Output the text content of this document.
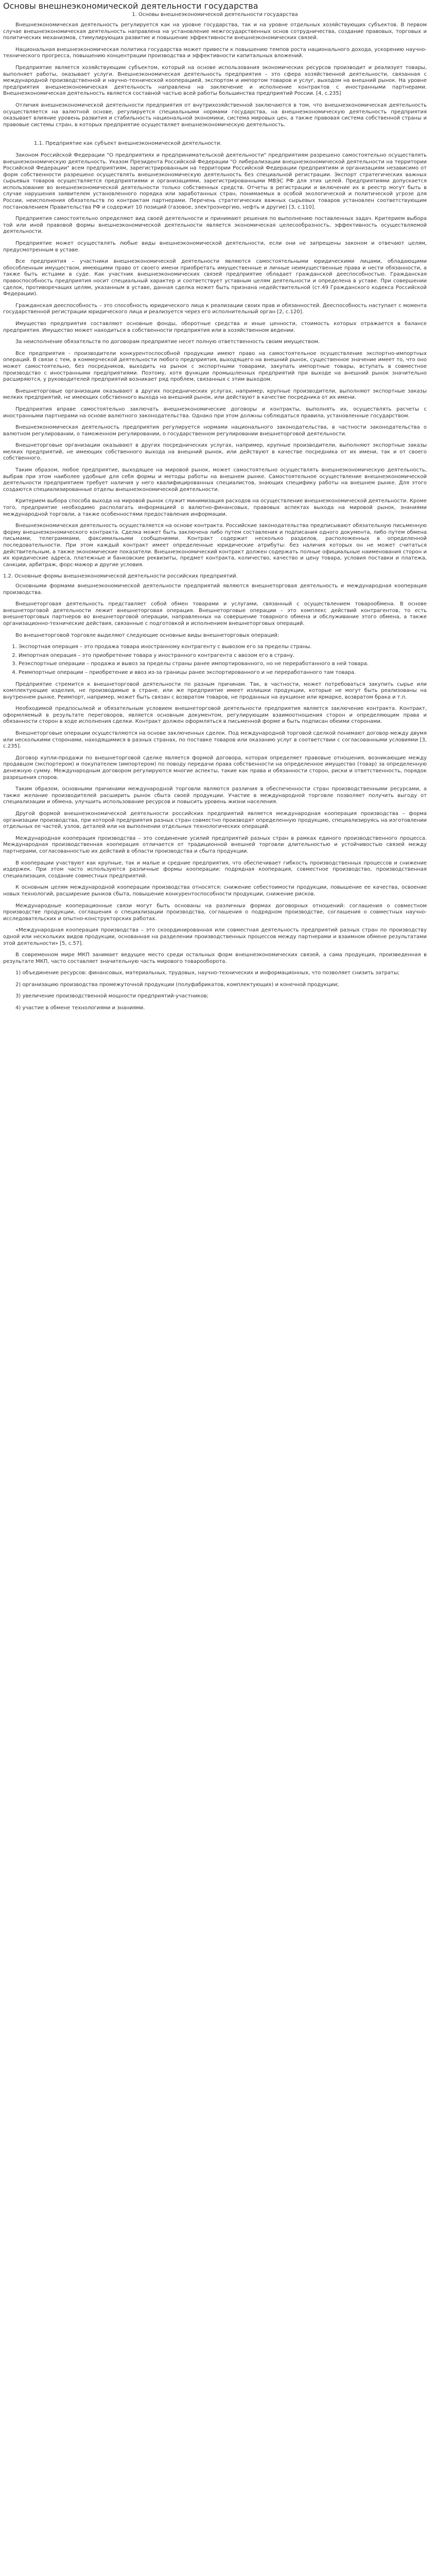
Основы внешнеэкономической деятельности государства
1. Основы внешнеэкономической деятельности государства

Внешнеэкономическая деятельность регулируется как на уровне государства, так и на уровне отдельных хозяйствующих субъектов. В первом случае внешнеэкономическая деятельность направлена на установление межгосударственных основ сотрудничества, создание правовых, торговых и политических механизмов, стимулирующих развитие и повышение эффективности внешнеэкономических связей.

Национальная внешнеэкономическая политика государства может привести к повышению темпов роста национального дохода, ускорению научно-технического прогресса, повышению концентрации производства и эффективности капитальных вложений.

Предприятие является хозяйствующим субъектом, который на основе использования экономических ресурсов производит и реализует товары, выполняет работы, оказывает услуги. Внешнеэкономическая деятельность предприятия – это сфера хозяйственной деятельности, связанная с международной производственной и научно-технической кооперацией, экспортом и импортом товаров и услуг, выходом на внешний рынок. На уровне предприятия внешнеэкономическая деятельность направлена на заключение и исполнение контрактов с иностранными партнерами. Внешнеэкономическая деятельность является составной частью всей работы большинства предприятий России. [4, с.235]

Отличия внешнеэкономической деятельности предприятия от внутрихозяйственной заключаются в том, что внешнеэкономическая деятельность осуществляется на валютной основе, регулируется специальными нормами государства, на внешнеэкономическую деятельность предприятия оказывает влияние уровень развития и стабильность национальной экономики, система мировых цен, а также правовая система собственной страны и правовые системы стран, в которых предприятие осуществляет внешнеэкономическую деятельность.

1.1. Предприятие как субъект внешнеэкономической деятельности.

Законом Российской Федерации "О предприятиях и предпринимательской деятельности" предприятиям разрешено самостоятельно осуществлять внешнеэкономическую деятельность. Указом Президента Российской Федерации "О либерализации внешнеэкономической деятельности на территории Российской Федерации" всем предприятиям, зарегистрированным на территории Российской Федерации предприятиям и организациям независимо от форм собственности разрешено осуществлять внешнеэкономическую деятельность без специальной регистрации. Экспорт стратегических важных сырьевых товаров осуществляется предприятиями и организациями, зарегистрированными МВЭС РФ для этих целей. Предприятиями допускается использование во внешнеэкономической деятельности только собственных средств. Отчеты в регистрации и включение их в реестр могут быть в случае нарушения заявителем установленного порядка или заработанных стран, понимаемых в особой экологической и политической угрозе для России, неисполнения обязательств по контрактам партнерами. Перечень стратегических важных сырьевых товаров установлен соответствующим постановлением Правительства РФ и содержит 10 позиций (газовое, электроэнергию, нефть и другие) [3, с.110].

Предприятия самостоятельно определяют вид своей деятельности и принимают решения по выполнению поставленных задач. Критерием выбора той или иной правовой формы внешнеэкономической деятельности является экономическая целесообразность, эффективность осуществляемой деятельности.

Предприятие может осуществлять любые виды внешнеэкономической деятельности, если они не запрещены законом и отвечают целям, предусмотренным в уставе.

Все предприятия – участники внешнеэкономической деятельности являются самостоятельными юридическими лицами, обладающими обособленным имуществом, имеющими право от своего имени приобретать имущественные и личные неимущественные права и нести обязанности, а также быть истцами в суде. Как участник внешнеэкономических связей предприятие обладает гражданской дееспособностью. Гражданская правоспособность предприятия носит специальный характер и соответствует уставным целям деятельности и определена в уставе. При совершении сделок, противоречащих целям, указанным в уставе, данная сделка может быть признана недействительной (ст.49 Гражданского кодекса Российской Федерации).

Гражданская дееспособность – это способность юридического лица к реализации своих прав и обязанностей. Дееспособность наступает с момента государственной регистрации юридического лица и реализуется через его исполнительный орган [2, с.120].

Имущество предприятия составляют основные фонды, оборотные средства и иные ценности, стоимость которых отражается в балансе предприятия. Имущество может находиться в собственности предприятия или в хозяйственном ведении.

За неисполнение обязательств по договорам предприятие несет полную ответственность своим имуществом.

Все предприятия - производители конкурентоспособной продукции имеют право на самостоятельное осуществление экспортно-импортных операций. В связи с тем, в коммерческой деятельности любого предприятия, выходящего на внешний рынок, существенное значение имеет то, что оно может самостоятельно, без посредников, выходить на рынок с экспортными товарами, закупать импортные товары, вступать в совместное производство с иностранными предприятиями. Поэтому, хотя функции промышленных предприятий при выходе на внешний рынок значительно расширяются, у руководителей предприятий возникает ряд проблем, связанных с этим выходом.

Внешнеторговые организации оказывают в других посреднических услугах, например, крупные производители, выполняют экспортные заказы мелких предприятий, не имеющих собственного выхода на внешний рынок, или действуют в качестве посредника от их имени.

Предприятия вправе самостоятельно заключать внешнеэкономические договоры и контракты, выполнять их, осуществлять расчеты с иностранными партнерами на основе валютного законодательства. Однако при этом должны соблюдаться правила, установленные государством.

Внешнеэкономическая деятельность предприятия регулируется нормами национального законодательства, в частности законодательства о валютном регулировании, о таможенном регулировании, о государственном регулировании внешнеторговой деятельности.

Внешнеторговые организации оказывают в других посреднических услугах, например, крупные производители, выполняют экспортные заказы мелких предприятий, не имеющих собственного выхода на внешний рынок, или действуют в качестве посредника от их имени, так и от своего собственного.

Таким образом, любое предприятие, выходящее на мировой рынок, может самостоятельно осуществлять внешнеэкономическую деятельность, выбрав при этом наиболее удобные для себя формы и методы работы на внешнем рынке. Самостоятельное осуществление внешнеэкономической деятельности предприятием требует наличия у него квалифицированных специалистов, знающих специфику работы на внешнем рынке. Для этого создаются специализированные отделы внешнеэкономической деятельности.

Критерием выбора способа выхода на мировой рынок служит минимизация расходов на осуществление внешнеэкономической деятельности. Кроме того, предприятие необходимо располагать информацией о валютно-финансовых, правовых аспектах выхода на мировой рынок, знаниями международной торговли, а также особенностями предоставления информации.

Внешнеэкономическая деятельность осуществляется на основе контракта. Российские законодательства предписывают обязательную письменную форму внешнеэкономического контракта. Сделка может быть заключена либо путем составления и подписания одного документа, либо путем обмена письмами, телеграммами, факсимильными сообщениями. Контракт содержит несколько разделов, расположенных в определенной последовательности. При этом каждый контракт имеет определенные юридические атрибуты: без наличия которых он не может считаться действительным, а также экономические показатели. Внешнеэкономический контракт должен содержать полные официальные наименования сторон и их юридические адреса, платежные и банковские реквизиты, предмет контракта, количество, качество и цену товара, условия поставки и платежа, санкции, арбитраж, форс-мажор и другие условия.

1.2. Основные формы внешнеэкономической деятельности российских предприятий.

Основными формами внешнеэкономической деятельности предприятий являются внешнеторговая деятельность и международная кооперация производства.

Внешнеторговая деятельность представляет собой обмен товарами и услугами, связанный с осуществлением товарообмена. В основе внешнеторговой деятельности лежит внешнеторговая операция. Внешнеторговые операции – это комплекс действий контрагентов, то есть внешнеторговых партнеров во внешнеторговой операции, направленных на совершение товарного обмена и обслуживание этого обмена, а также организационно-технические действия, связанные с подготовкой и исполнением внешнеторговых операций.

Во внешнеторговой торговле выделяют следующие основные виды внешнеторговых операций:

1. Экспортная операция – это продажа товара иностранному контрагенту с вывозом его за пределы страны.
2. Импортная операция – это приобретение товара у иностранного контрагента с ввозом его в страну.
3. Реэкспортные операции – продажа и вывоз за пределы страны ранее импортированного, но не переработанного в ней товара.
4. Реимпортные операции – приобретение и ввоз из-за границы ранее экспортированного и не переработанного там товара.

Предприятие стремится к внешнеторговой деятельности по разным причинам. Так, в частности, может потребоваться закупить сырье или комплектующие изделия, не производимые в стране, или же предприятие имеет излишки продукции, которые не могут быть реализованы на внутреннем рынке. Реимпорт, например, может быть связан с возвратом товаров, не проданных на аукционе или ярмарке, возвратом брака и т.п.

Необходимой предпосылкой и обязательным условием внешнеторговой деятельности предприятия является заключение контракта. Контракт, оформляемый в результате переговоров, является основным документом, регулирующим взаимоотношения сторон и определяющим права и обязанности сторон в ходе исполнения сделки. Контракт должен оформляться в письменной форме и быть подписан обеими сторонами.

Внешнеторговые операции осуществляются на основе заключенных сделок. Под международной торговой сделкой понимают договор между двумя или несколькими сторонами, находящимися в разных странах, по поставке товаров или оказанию услуг в соответствии с согласованными условиями [3, с.235].

Договор купли-продажи по внешнеторговой сделке является формой договора, которая определяет правовые отношения, возникающие между продавцом (экспортером) и покупателем (импортером) по поводу передачи права собственности на определенное имущество (товар) за определенную денежную сумму. Международным договором регулируются многие аспекты, такие как права и обязанности сторон, риски и ответственность, порядок разрешения споров.

Таким образом, основными причинами международной торговли являются различия в обеспеченности стран производственными ресурсами, а также желание производителей расширить рынок сбыта своей продукции. Участие в международной торговле позволяет получить выгоду от специализации и обмена, улучшить использование ресурсов и повысить уровень жизни населения.

Другой формой внешнеэкономической деятельности российских предприятий является международная кооперация производства – форма организации производства, при которой предприятия разных стран совместно производят определенную продукцию, специализируясь на изготовлении отдельных ее частей, узлов, деталей или на выполнении отдельных технологических операций.

Международная кооперация производства – это соединение усилий предприятий разных стран в рамках единого производственного процесса. Международная производственная кооперация отличается от традиционной внешней торговли длительностью и устойчивостью связей между партнерами, согласованностью их действий в области производства и сбыта продукции.

В кооперации участвуют как крупные, так и малые и средние предприятия, что обеспечивает гибкость производственных процессов и снижение издержек. При этом часто используются различные формы кооперации: подрядная кооперация, совместное производство, производственная специализация, создание совместных предприятий.

К основным целям международной кооперации производства относятся: снижение себестоимости продукции, повышение ее качества, освоение новых технологий, расширение рынков сбыта, повышение конкурентоспособности продукции, снижение рисков.

Международные кооперационные связи могут быть основаны на различных формах договорных отношений: соглашения о совместном производстве продукции, соглашения о специализации производства, соглашения о подрядном производстве, соглашения о совместных научно-исследовательских и опытно-конструкторских работах.

«Международная кооперация производства – это скоординированная или совместная деятельность предприятий разных стран по производству одной или нескольких видов продукции, основанная на разделении производственных процессов между партнерами и взаимном обмене результатами этой деятельности» [5, с.57].

В современном мире МКП занимает ведущее место среди остальных форм внешнеэкономических связей, а сама продукция, произведенная в результате МКП, часто составляет значительную часть мирового товарооборота.

1) объединение ресурсов: финансовых, материальных, трудовых, научно-технических и информационных, что позволяет снизить затраты;

2) организацию производства промежуточной продукции (полуфабрикатов, комплектующих) и конечной продукции;

3) увеличение производственной мощности предприятий-участников;

4) участие в обмене технологиями и знаниями.
